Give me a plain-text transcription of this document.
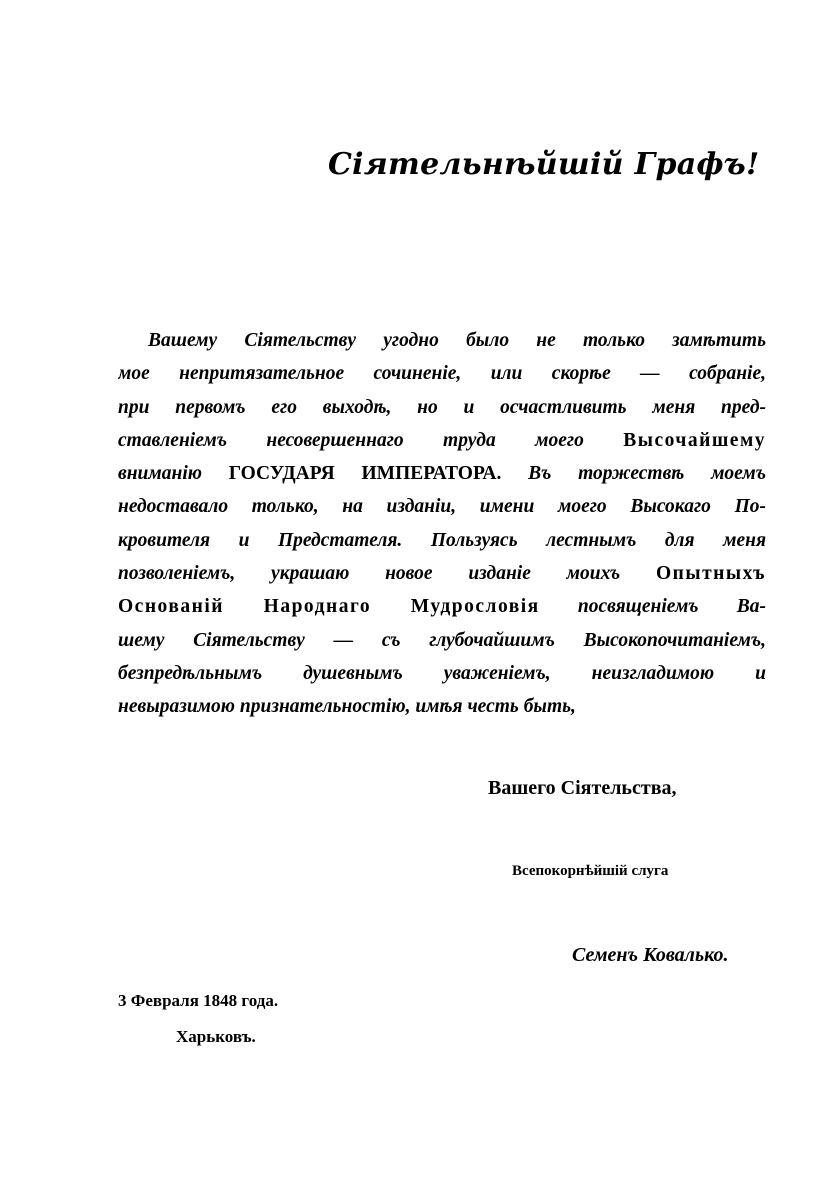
Сіятельнѣйшій Графъ!
Вашему Сіятельству угодно было не только замѣтить
мое непритязательное сочиненіе, или скорѣе — собраніе,
при первомъ его выходѣ, но и осчастливить меня пред-
ставленіемъ несовершеннаго труда моего Высочайшему
вниманію ГОСУДАРЯ ИМПЕРАТОРА. Въ торжествѣ моемъ
недоставало только, на изданіи, имени моего Высокаго По-
кровителя и Предстателя. Пользуясь лестнымъ для меня
позволеніемъ, украшаю новое изданіе моихъ Опытныхъ
Основаній Народнаго Мудрословія посвященіемъ Ва-
шему Сіятельству — съ глубочайшимъ Высокопочитаніемъ,
безпредѣльнымъ душевнымъ уваженіемъ, неизгладимою и
невыразимою признательностію, имѣя честь быть,

Вашего Сіятельства,

Всепокорнѣйшій слуга

Семенъ Ковалько.

3 Февраля 1848 года.

Харьковъ.
